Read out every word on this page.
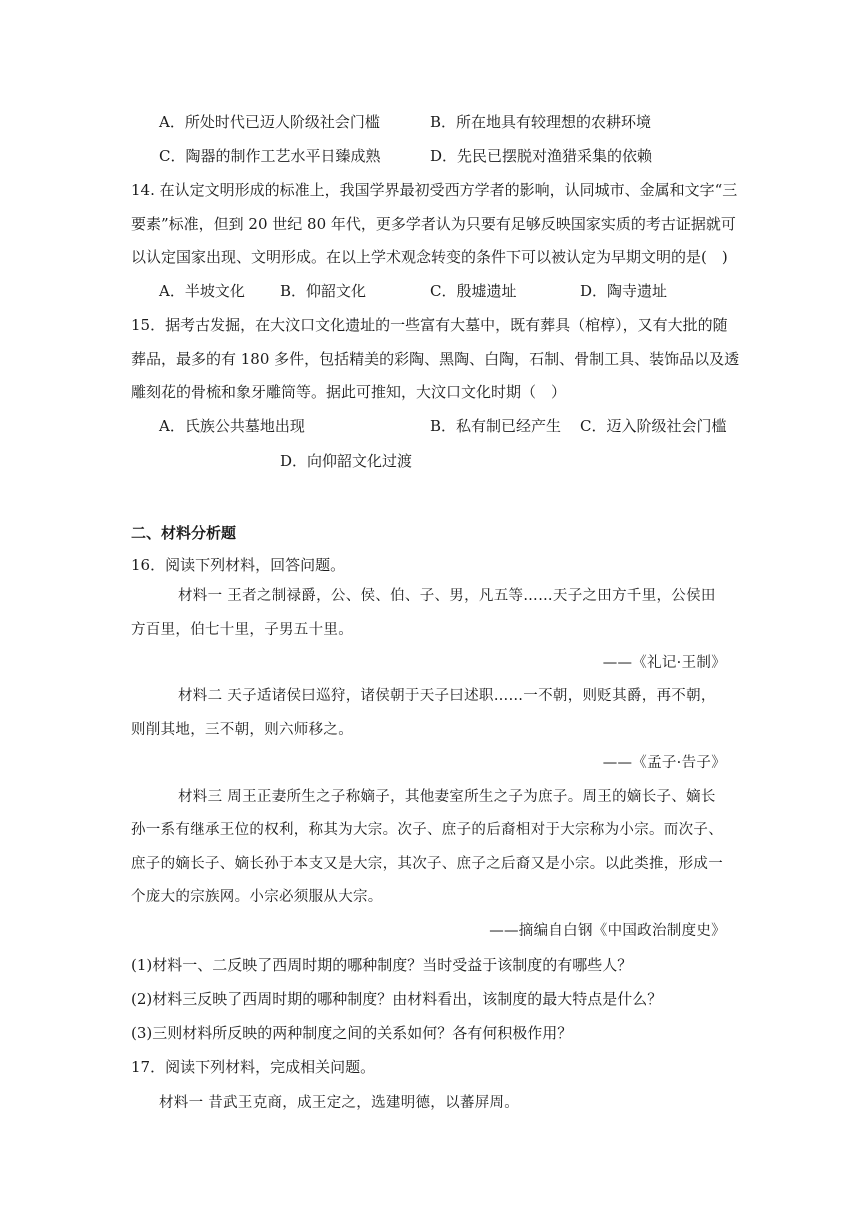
A．所处时代已迈人阶级社会门槛	B．所在地具有较理想的农耕环境
C．陶器的制作工艺水平日臻成熟	D．先民已摆脱对渔猎采集的依赖
14. 在认定文明形成的标准上，我国学界最初受西方学者的影响，认同城市、金属和文字“三
要素”标准，但到 20 世纪 80 年代，更多学者认为只要有足够反映国家实质的考古证据就可
以认定国家出现、文明形成。在以上学术观念转变的条件下可以被认定为早期文明的是(　)
A．半坡文化 B．仰韶文化	C．殷墟遗址	D．陶寺遗址
15．据考古发掘，在大汶口文化遗址的一些富有大墓中，既有葬具（棺椁），又有大批的随
葬品，最多的有 180 多件，包括精美的彩陶、黑陶、白陶，石制、骨制工具、装饰品以及透
雕刻花的骨梳和象牙雕筒等。据此可推知，大汶口文化时期（　）
A．氏族公共墓地出现	B．私有制已经产生 C．迈入阶级社会门槛
D．向仰韶文化过渡
二、材料分析题
16．阅读下列材料，回答问题。
材料一 王者之制禄爵，公、侯、伯、子、男，凡五等……天子之田方千里，公侯田
方百里，伯七十里，子男五十里。
——《礼记·王制》
材料二 天子适诸侯曰巡狩，诸侯朝于天子曰述职……一不朝，则贬其爵，再不朝，
则削其地，三不朝，则六师移之。
——《孟子·告子》
材料三 周王正妻所生之子称嫡子，其他妻室所生之子为庶子。周王的嫡长子、嫡长
孙一系有继承王位的权利，称其为大宗。次子、庶子的后裔相对于大宗称为小宗。而次子、
庶子的嫡长子、嫡长孙于本支又是大宗，其次子、庶子之后裔又是小宗。以此类推，形成一
个庞大的宗族网。小宗必须服从大宗。
——摘编自白钢《中国政治制度史》
(1)材料一、二反映了西周时期的哪种制度？当时受益于该制度的有哪些人？
(2)材料三反映了西周时期的哪种制度？由材料看出，该制度的最大特点是什么？
(3)三则材料所反映的两种制度之间的关系如何？各有何积极作用？
17．阅读下列材料，完成相关问题。
材料一 昔武王克商，成王定之，选建明德，以蕃屏周。
